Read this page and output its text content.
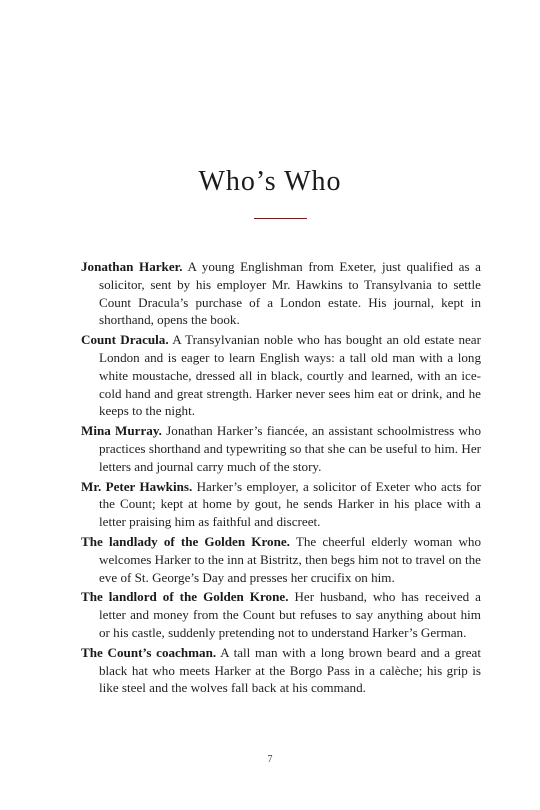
Who’s Who

Jonathan Harker. A young Englishman from Exeter, just qualified as a solicitor, sent by his employer Mr. Hawkins to Transylvania to settle Count Dracula’s purchase of a London estate. His journal, kept in shorthand, opens the book.

Count Dracula. A Transylvanian noble who has bought an old estate near London and is eager to learn English ways: a tall old man with a long white moustache, dressed all in black, courtly and learned, with an ice-cold hand and great strength. Harker never sees him eat or drink, and he keeps to the night.

Mina Murray. Jonathan Harker’s fiancée, an assistant schoolmistress who practices shorthand and typewriting so that she can be useful to him. Her letters and journal carry much of the story.

Mr. Peter Hawkins. Harker’s employer, a solicitor of Exeter who acts for the Count; kept at home by gout, he sends Harker in his place with a letter praising him as faithful and discreet.

The landlady of the Golden Krone. The cheerful elderly woman who welcomes Harker to the inn at Bistritz, then begs him not to travel on the eve of St. George’s Day and presses her crucifix on him.

The landlord of the Golden Krone. Her husband, who has received a letter and money from the Count but refuses to say anything about him or his castle, suddenly pretending not to understand Harker’s German.

The Count’s coachman. A tall man with a long brown beard and a great black hat who meets Harker at the Borgo Pass in a calèche; his grip is like steel and the wolves fall back at his command.

7
